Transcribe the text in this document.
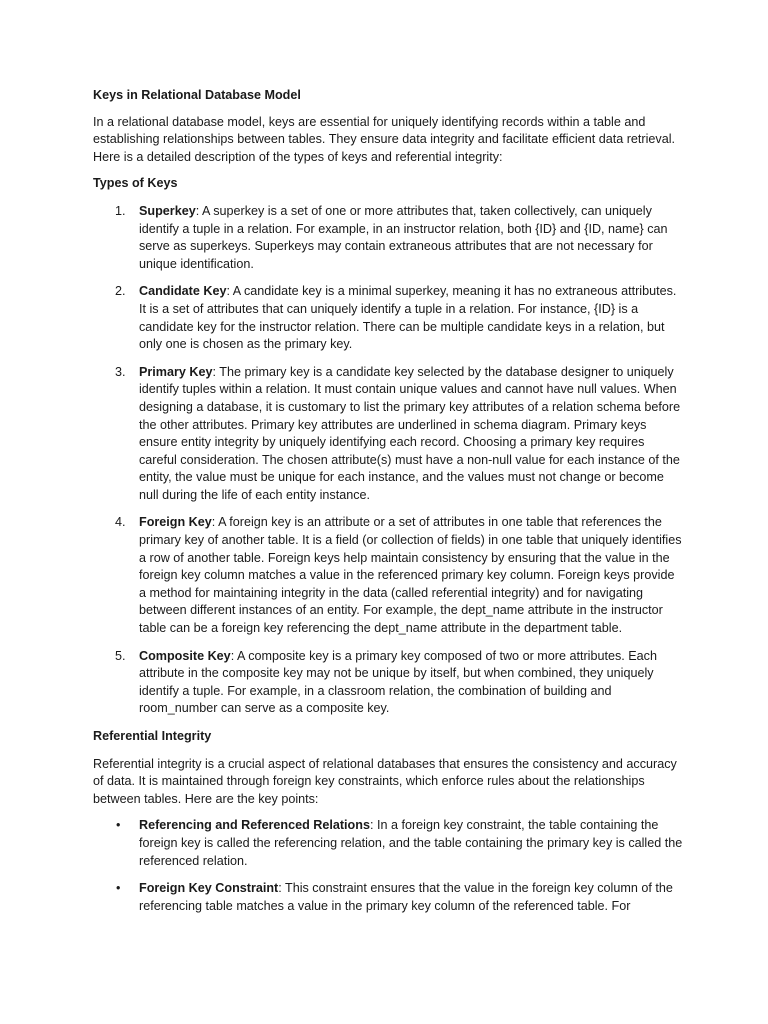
Keys in Relational Database Model

In a relational database model, keys are essential for uniquely identifying records within a table and establishing relationships between tables. They ensure data integrity and facilitate efficient data retrieval. Here is a detailed description of the types of keys and referential integrity:

Types of Keys

1.	Superkey: A superkey is a set of one or more attributes that, taken collectively, can uniquely identify a tuple in a relation. For example, in an instructor relation, both {ID} and {ID, name} can serve as superkeys. Superkeys may contain extraneous attributes that are not necessary for unique identification.
2.	Candidate Key: A candidate key is a minimal superkey, meaning it has no extraneous attributes. It is a set of attributes that can uniquely identify a tuple in a relation. For instance, {ID} is a candidate key for the instructor relation. There can be multiple candidate keys in a relation, but only one is chosen as the primary key.
3.	Primary Key: The primary key is a candidate key selected by the database designer to uniquely identify tuples within a relation. It must contain unique values and cannot have null values. When designing a database, it is customary to list the primary key attributes of a relation schema before the other attributes. Primary key attributes are underlined in schema diagram. Primary keys ensure entity integrity by uniquely identifying each record. Choosing a primary key requires careful consideration. The chosen attribute(s) must have a non-null value for each instance of the entity, the value must be unique for each instance, and the values must not change or become null during the life of each entity instance.
4.	Foreign Key: A foreign key is an attribute or a set of attributes in one table that references the primary key of another table. It is a field (or collection of fields) in one table that uniquely identifies a row of another table. Foreign keys help maintain consistency by ensuring that the value in the foreign key column matches a value in the referenced primary key column. Foreign keys provide a method for maintaining integrity in the data (called referential integrity) and for navigating between different instances of an entity. For example, the dept_name attribute in the instructor table can be a foreign key referencing the dept_name attribute in the department table.
5.	Composite Key: A composite key is a primary key composed of two or more attributes. Each attribute in the composite key may not be unique by itself, but when combined, they uniquely identify a tuple. For example, in a classroom relation, the combination of building and room_number can serve as a composite key.

Referential Integrity

Referential integrity is a crucial aspect of relational databases that ensures the consistency and accuracy of data. It is maintained through foreign key constraints, which enforce rules about the relationships between tables. Here are the key points:

• Referencing and Referenced Relations: In a foreign key constraint, the table containing the foreign key is called the referencing relation, and the table containing the primary key is called the referenced relation.
• Foreign Key Constraint: This constraint ensures that the value in the foreign key column of the referencing table matches a value in the primary key column of the referenced table. For
